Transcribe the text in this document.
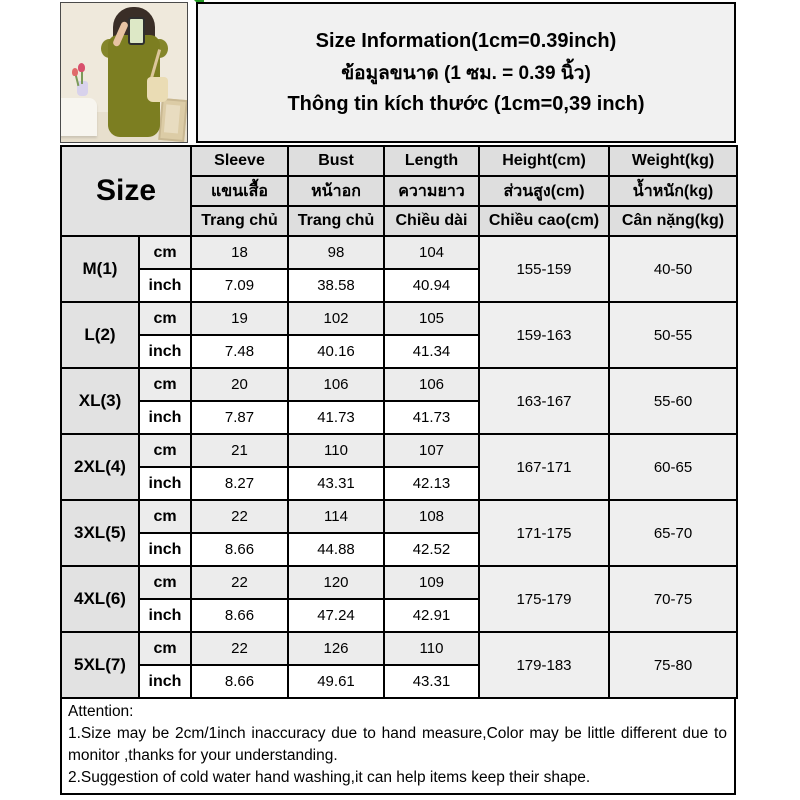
Size Information(1cm=0.39inch)
ข้อมูลขนาด (1 ซม. = 0.39 นิ้ว)
Thông tin kích thước (1cm=0,39 inch)
Size		Sleeve	Bust	Length	Height(cm)	Weight(kg)
		แขนเสื้อ	หน้าอก	ความยาว	ส่วนสูง(cm)	น้ำหนัก(kg)
		Trang chủ	Trang chủ	Chiều dài	Chiều cao(cm)	Cân nặng(kg)
M(1)	cm	18	98	104	155-159	40-50
	inch	7.09	38.58	40.94		
L(2)	cm	19	102	105	159-163	50-55
	inch	7.48	40.16	41.34		
XL(3)	cm	20	106	106	163-167	55-60
	inch	7.87	41.73	41.73		
2XL(4)	cm	21	110	107	167-171	60-65
	inch	8.27	43.31	42.13		
3XL(5)	cm	22	114	108	171-175	65-70
	inch	8.66	44.88	42.52		
4XL(6)	cm	22	120	109	175-179	70-75
	inch	8.66	47.24	42.91		
5XL(7)	cm	22	126	110	179-183	75-80
	inch	8.66	49.61	43.31		
Attention:
1.Size may be 2cm/1inch inaccuracy due to hand measure,Color may be little different due to monitor ,thanks for your understanding.
2.Suggestion of cold water hand washing,it can help items keep their shape.
